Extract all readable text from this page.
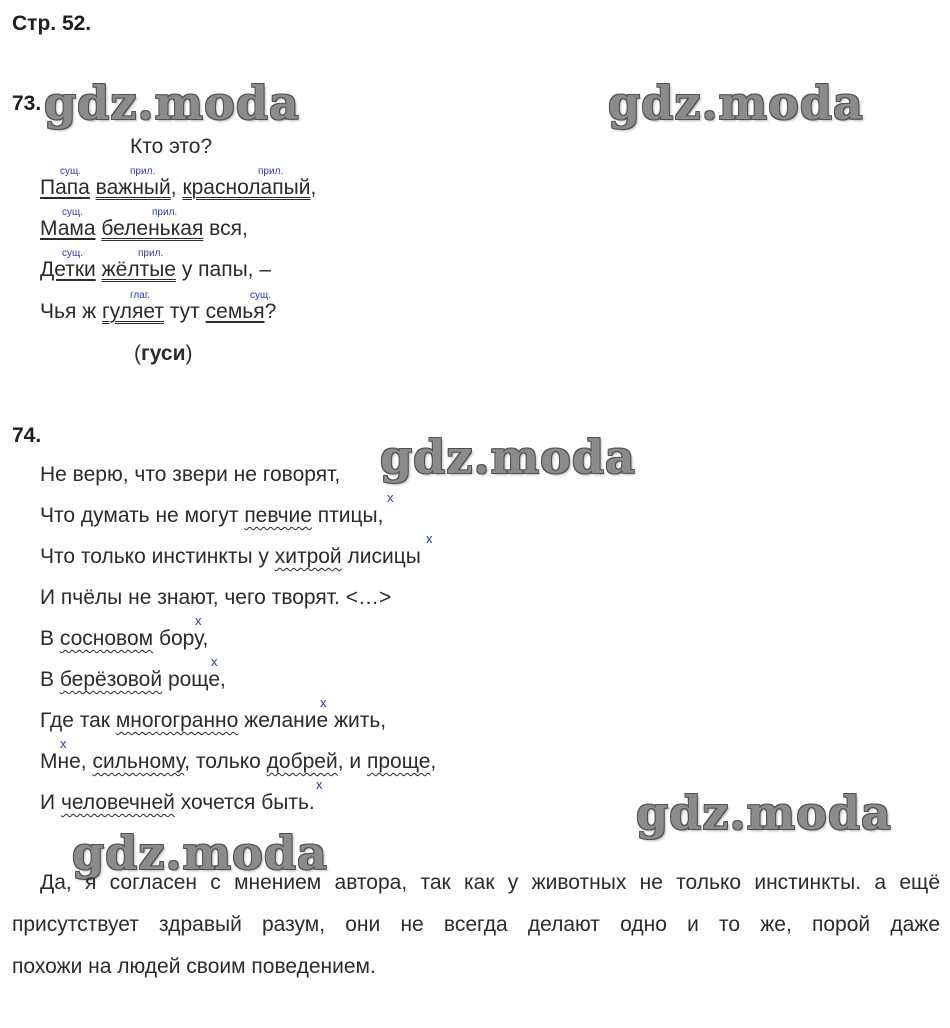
Стр. 52.
gdz.moda	gdz.moda
gdz.moda
gdz.moda
gdz.moda
73.
Кто это?
сущ.	прил.	прил.
Папа важный, краснолапый,
сущ.	прил.
Мама беленькая вся,
сущ.	прил.
Детки жёлтые у папы, –
глаг.	сущ.
Чья ж гуляет тут семья?
(гуси)
74.
Не верю, что звери не говорят,
х
Что думать не могут певчие птицы,
х
Что только инстинкты у хитрой лисицы
И пчёлы не знают, чего творят. <…>
х
В сосновом бору,
х
В берёзовой роще,
х
Где так многогранно желание жить,
х
Мне, сильному, только добрей, и проще,
х
И человечней хочется быть.
Да, я согласен с мнением автора, так как у животных не только инстинкты. а ещё
присутствует здравый разум, они не всегда делают одно и то же, порой даже
похожи на людей своим поведением.
